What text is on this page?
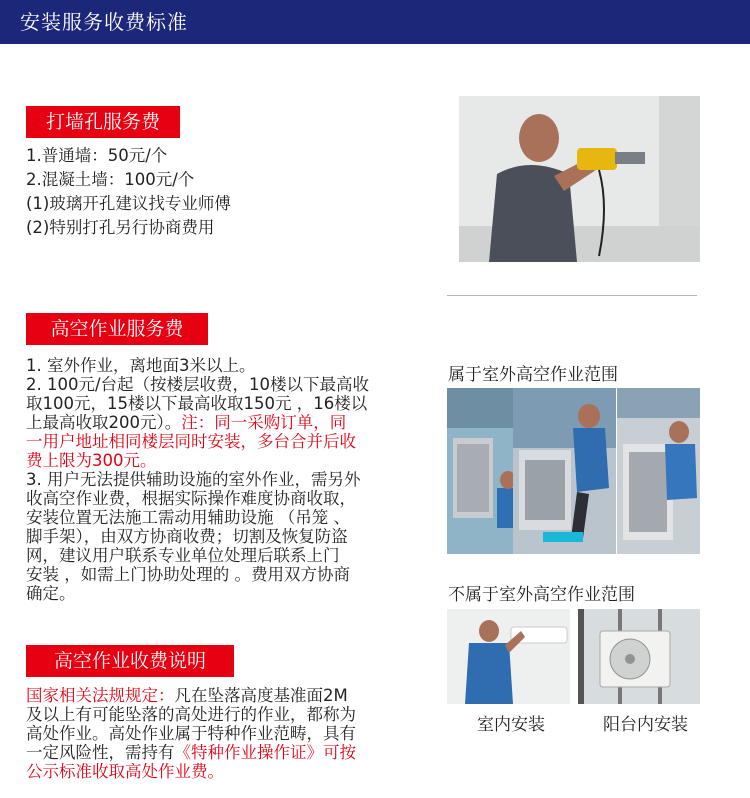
安装服务收费标准
打墙孔服务费
1.普通墙：50元/个
2.混凝土墙：100元/个
(1)玻璃开孔建议找专业师傅
(2)特别打孔另行协商费用
高空作业服务费
1. 室外作业，离地面3米以上。
2. 100元/台起（按楼层收费，10楼以下最高收
取100元，15楼以下最高收取150元 ，16楼以
上最高收取200元）。注：同一采购订单，同
一用户地址相同楼层同时安装，多台合并后收
费上限为300元。
3. 用户无法提供辅助设施的室外作业，需另外
收高空作业费，根据实际操作难度协商收取，
安装位置无法施工需动用辅助设施 （吊笼 、
脚手架），由双方协商收费；切割及恢复防盗
网，建议用户联系专业单位处理后联系上门
安装 ，如需上门协助处理的 。费用双方协商
确定。
高空作业收费说明
国家相关法规规定：凡在坠落高度基准面2M
及以上有可能坠落的高处进行的作业，都称为
高处作业。高处作业属于特种作业范畴，具有
一定风险性，需持有《特种作业操作证》可按
公示标准收取高处作业费。
属于室外高空作业范围
不属于室外高空作业范围
室内安装	阳台内安装
